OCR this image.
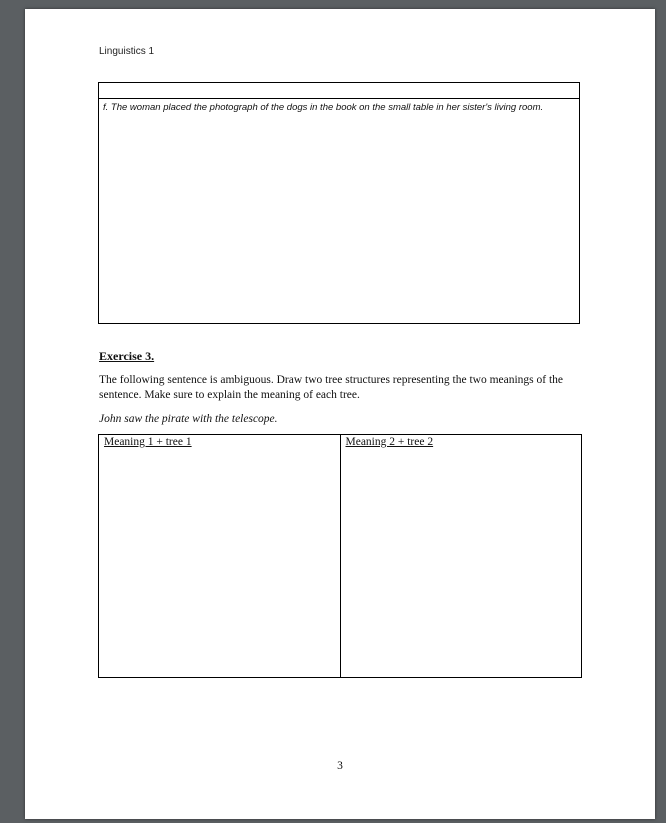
Linguistics 1
f. The woman placed the photograph of the dogs in the book on the small table in her sister's living room.
Exercise 3.
The following sentence is ambiguous. Draw two tree structures representing the two meanings of the sentence. Make sure to explain the meaning of each tree.
John saw the pirate with the telescope.
Meaning 1 + tree 1	Meaning 2 + tree 2
3
